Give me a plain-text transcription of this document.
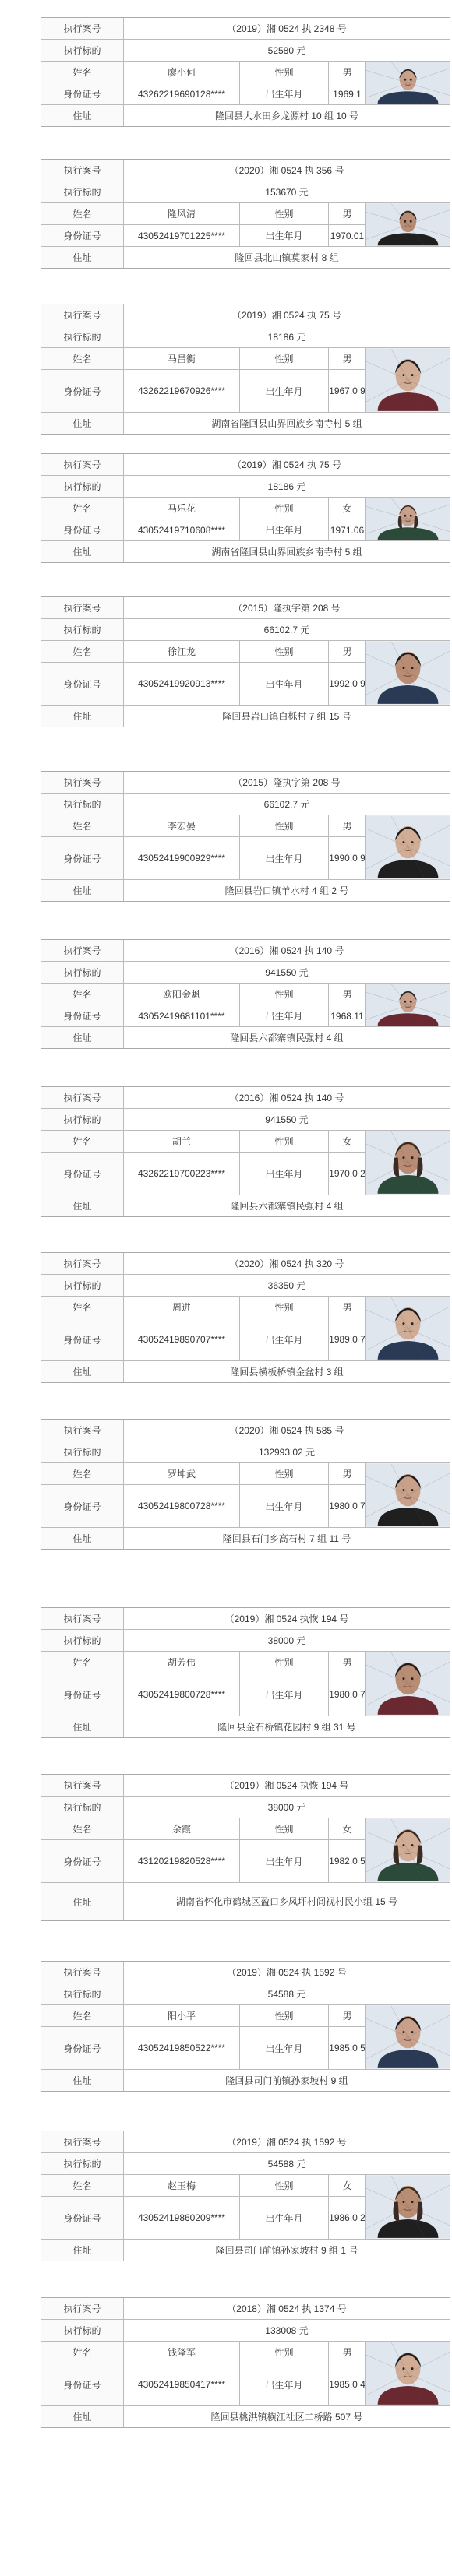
执行案号	（2019）湘 0524 执 2348 号
执行标的	52580 元
姓名	廖小何	性别	男
身份证号	43262219690128****	出生年月	1969.1
住址	隆回县大水田乡龙源村 10 组 10 号
执行案号	（2020）湘 0524 执 356 号
执行标的	153670 元
姓名	隆风清	性别	男
身份证号	43052419701225****	出生年月	1970.01
住址	隆回县北山镇莫家村 8 组
执行案号	（2019）湘 0524 执 75 号
执行标的	18186 元
姓名	马昌衡	性别	男
身份证号	43262219670926****	出生年月	1967.0 9
住址	湖南省隆回县山界回族乡南寺村 5 组
执行案号	（2019）湘 0524 执 75 号
执行标的	18186 元
姓名	马乐花	性别	女
身份证号	43052419710608****	出生年月	1971.06
住址	湖南省隆回县山界回族乡南寺村 5 组
执行案号	（2015）隆执字第 208 号
执行标的	66102.7 元
姓名	徐江龙	性别	男
身份证号	43052419920913****	出生年月	1992.0 9
住址	隆回县岩口镇白栎村 7 组 15 号
执行案号	（2015）隆执字第 208 号
执行标的	66102.7 元
姓名	李宏晏	性别	男
身份证号	43052419900929****	出生年月	1990.0 9
住址	隆回县岩口镇羊水村 4 组 2 号
执行案号	（2016）湘 0524 执 140 号
执行标的	941550 元
姓名	欧阳金魁	性别	男
身份证号	43052419681101****	出生年月	1968.11
住址	隆回县六都寨镇民强村 4 组
执行案号	（2016）湘 0524 执 140 号
执行标的	941550 元
姓名	胡兰	性别	女
身份证号	43262219700223****	出生年月	1970.0 2
住址	隆回县六都寨镇民强村 4 组
执行案号	（2020）湘 0524 执 320 号
执行标的	36350 元
姓名	周进	性别	男
身份证号	43052419890707****	出生年月	1989.0 7
住址	隆回县横板桥镇金盆村 3 组
执行案号	（2020）湘 0524 执 585 号
执行标的	132993.02 元
姓名	罗坤武	性别	男
身份证号	43052419800728****	出生年月	1980.0 7
住址	隆回县石门乡高石村 7 组 11 号
执行案号	（2019）湘 0524 执恢 194 号
执行标的	38000 元
姓名	胡芳伟	性别	男
身份证号	43052419800728****	出生年月	1980.0 7
住址	隆回县金石桥镇花园村 9 组 31 号
执行案号	（2019）湘 0524 执恢 194 号
执行标的	38000 元
姓名	余霞	性别	女
身份证号	43120219820528****	出生年月	1982.0 5
住址	湖南省怀化市鹤城区盈口乡凤坪村闾视村民小组 15 号
执行案号	（2019）湘 0524 执 1592 号
执行标的	54588 元
姓名	阳小平	性别	男
身份证号	43052419850522****	出生年月	1985.0 5
住址	隆回县司门前镇孙家坡村 9 组
执行案号	（2019）湘 0524 执 1592 号
执行标的	54588 元
姓名	赵玉梅	性别	女
身份证号	43052419860209****	出生年月	1986.0 2
住址	隆回县司门前镇孙家坡村 9 组 1 号
执行案号	（2018）湘 0524 执 1374 号
执行标的	133008 元
姓名	钱隆军	性别	男
身份证号	43052419850417****	出生年月	1985.0 4
住址	隆回县桃洪镇横江社区二桥路 507 号
